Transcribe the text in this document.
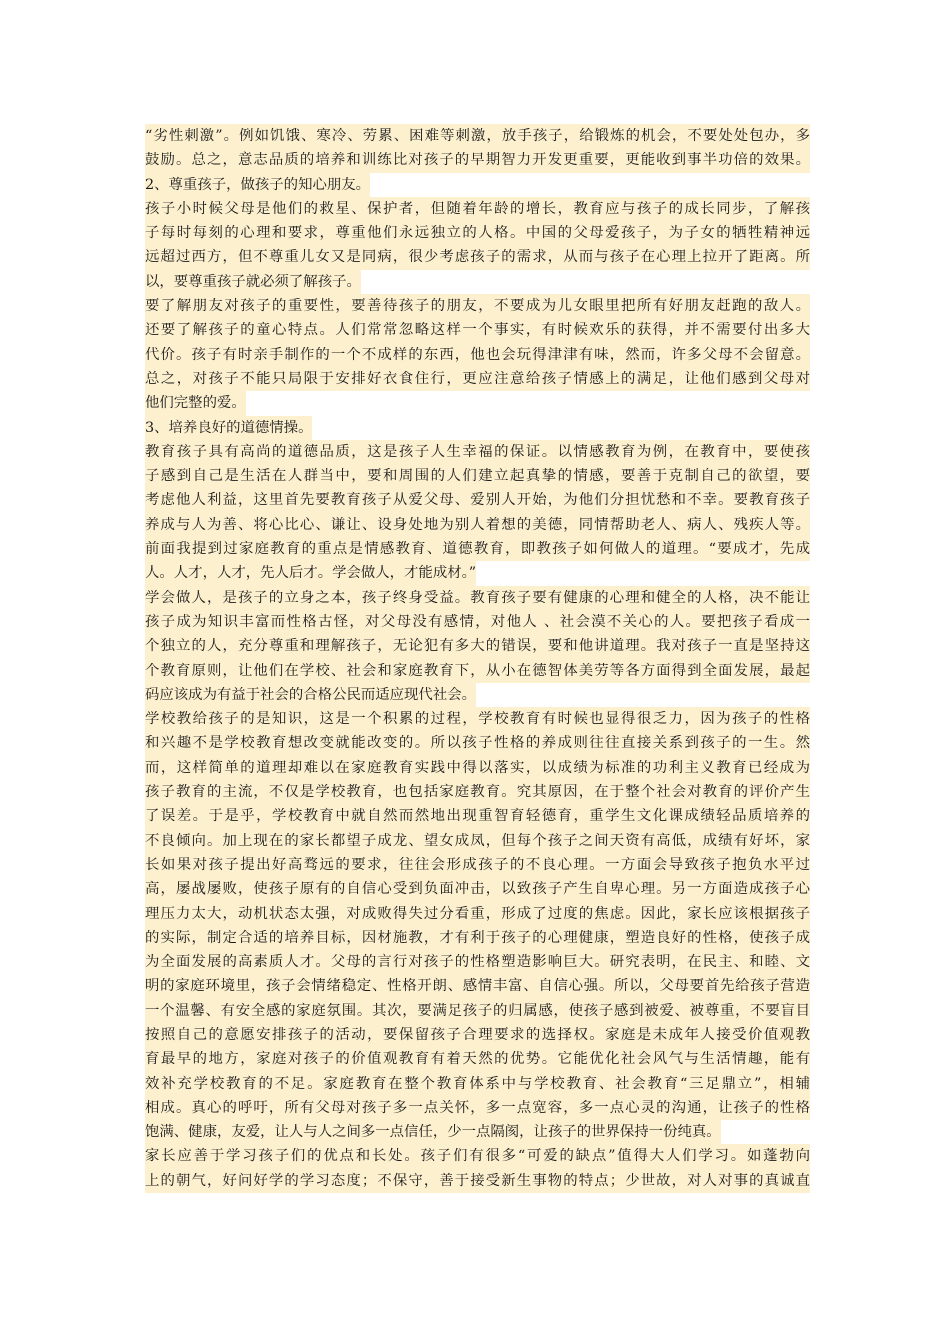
“劣性刺激”。例如饥饿、寒冷、劳累、困难等刺激，放手孩子，给锻炼的机会，不要处处包办，多
鼓励。总之，意志品质的培养和训练比对孩子的早期智力开发更重要，更能收到事半功倍的效果。
2、尊重孩子，做孩子的知心朋友。
孩子小时候父母是他们的救星、保护者，但随着年龄的增长，教育应与孩子的成长同步，了解孩
子每时每刻的心理和要求，尊重他们永远独立的人格。中国的父母爱孩子，为子女的牺牲精神远
远超过西方，但不尊重儿女又是同病，很少考虑孩子的需求，从而与孩子在心理上拉开了距离。所
以，要尊重孩子就必须了解孩子。
要了解朋友对孩子的重要性，要善待孩子的朋友，不要成为儿女眼里把所有好朋友赶跑的敌人。
还要了解孩子的童心特点。人们常常忽略这样一个事实，有时候欢乐的获得，并不需要付出多大
代价。孩子有时亲手制作的一个不成样的东西，他也会玩得津津有味，然而，许多父母不会留意。
总之，对孩子不能只局限于安排好衣食住行，更应注意给孩子情感上的满足，让他们感到父母对
他们完整的爱。
3、培养良好的道德情操。
教育孩子具有高尚的道德品质，这是孩子人生幸福的保证。以情感教育为例，在教育中，要使孩
子感到自己是生活在人群当中，要和周围的人们建立起真挚的情感，要善于克制自己的欲望，要
考虑他人利益，这里首先要教育孩子从爱父母、爱别人开始，为他们分担忧愁和不幸。要教育孩子
养成与人为善、将心比心、谦让、设身处地为别人着想的美德，同情帮助老人、病人、残疾人等。
前面我提到过家庭教育的重点是情感教育、道德教育，即教孩子如何做人的道理。“要成才，先成
人。人才，人才，先人后才。学会做人，才能成材。”
学会做人，是孩子的立身之本，孩子终身受益。教育孩子要有健康的心理和健全的人格，决不能让
孩子成为知识丰富而性格古怪，对父母没有感情，对他人 、社会漠不关心的人。要把孩子看成一
个独立的人，充分尊重和理解孩子，无论犯有多大的错误，要和他讲道理。我对孩子一直是坚持这
个教育原则，让他们在学校、社会和家庭教育下，从小在德智体美劳等各方面得到全面发展，最起
码应该成为有益于社会的合格公民而适应现代社会。
学校教给孩子的是知识，这是一个积累的过程，学校教育有时候也显得很乏力，因为孩子的性格
和兴趣不是学校教育想改变就能改变的。所以孩子性格的养成则往往直接关系到孩子的一生。然
而，这样简单的道理却难以在家庭教育实践中得以落实，以成绩为标准的功利主义教育已经成为
孩子教育的主流，不仅是学校教育，也包括家庭教育。究其原因，在于整个社会对教育的评价产生
了误差。于是乎，学校教育中就自然而然地出现重智育轻德育，重学生文化课成绩轻品质培养的
不良倾向。加上现在的家长都望子成龙、望女成凤，但每个孩子之间天资有高低，成绩有好坏，家
长如果对孩子提出好高骛远的要求，往往会形成孩子的不良心理。一方面会导致孩子抱负水平过
高，屡战屡败，使孩子原有的自信心受到负面冲击，以致孩子产生自卑心理。另一方面造成孩子心
理压力太大，动机状态太强，对成败得失过分看重，形成了过度的焦虑。因此，家长应该根据孩子
的实际，制定合适的培养目标，因材施教，才有利于孩子的心理健康，塑造良好的性格，使孩子成
为全面发展的高素质人才。父母的言行对孩子的性格塑造影响巨大。研究表明，在民主、和睦、文
明的家庭环境里，孩子会情绪稳定、性格开朗、感情丰富、自信心强。所以，父母要首先给孩子营造
一个温馨、有安全感的家庭氛围。其次，要满足孩子的归属感，使孩子感到被爱、被尊重，不要盲目
按照自己的意愿安排孩子的活动，要保留孩子合理要求的选择权。家庭是未成年人接受价值观教
育最早的地方，家庭对孩子的价值观教育有着天然的优势。它能优化社会风气与生活情趣，能有
效补充学校教育的不足。家庭教育在整个教育体系中与学校教育、社会教育“三足鼎立”，相辅
相成。真心的呼吁，所有父母对孩子多一点关怀，多一点宽容，多一点心灵的沟通，让孩子的性格
饱满、健康，友爱，让人与人之间多一点信任，少一点隔阂，让孩子的世界保持一份纯真。
家长应善于学习孩子们的优点和长处。孩子们有很多“可爱的缺点”值得大人们学习。如蓬勃向
上的朝气，好问好学的学习态度；不保守，善于接受新生事物的特点；少世故，对人对事的真诚直
